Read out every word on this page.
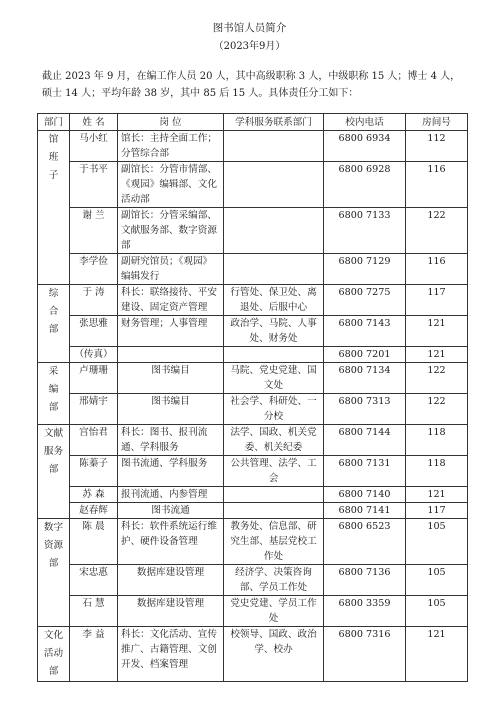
图书馆人员简介
（2023年9月）

截止 2023 年 9 月，在编工作人员 20 人，其中高级职称 3 人，中级职称 15 人；博士 4 人，

硕士 14 人；平均年龄 38 岁，其中 85 后 15 人。具体责任分工如下：

部门	姓 名	岗 位	学科服务联系部门	校内电话	房间号
馆
班
子	马小红	馆长：主持全面工作；分管综合部		6800 6934	112
	于书平	副馆长：分管市情部、《观园》编辑部、文化活动部		6800 6928	116
	谢 兰	副馆长：分管采编部、文献服务部、数字资源部		6800 7133	122
	李学俭	副研究馆员；《观园》编辑发行		6800 7129	116
综
合
部	于 涛	科长：联络接待、平安建设、固定资产管理	行管处、保卫处、离退处、后服中心	6800 7275	117
	张思雅	财务管理；人事管理	政治学、马院、人事处、财务处	6800 7143	121
	（传真）			6800 7201	121
采
编
部	卢珊珊	图书编目	马院、党史党建、国文处	6800 7134	122
	邢婧宇	图书编目	社会学、科研处、一分校	6800 7313	122
文献
服务
部	宫怡君	科长：图书、报刊流通、学科服务	法学、国政、机关党委、机关纪委	6800 7144	118
	陈蓁子	图书流通、学科服务	公共管理、法学、工会	6800 7131	118
	苏 森	报刊流通、内参管理		6800 7140	121
	赵春辉	图书流通		6800 7141	117
数字
资源
部	陈 晨	科长：软件系统运行维护、硬件设备管理	教务处、信息部、研究生部、基层党校工作处	6800 6523	105
	宋忠惠	数据库建设管理	经济学、决策咨询部、学员工作处	6800 7136	105
	石 慧	数据库建设管理	党史党建、学员工作处	6800 3359	105
文化
活动
部	李 益	科长：文化活动、宣传推广、古籍管理、文创开发、档案管理	校领导、国政、政治学、校办	6800 7316	121
